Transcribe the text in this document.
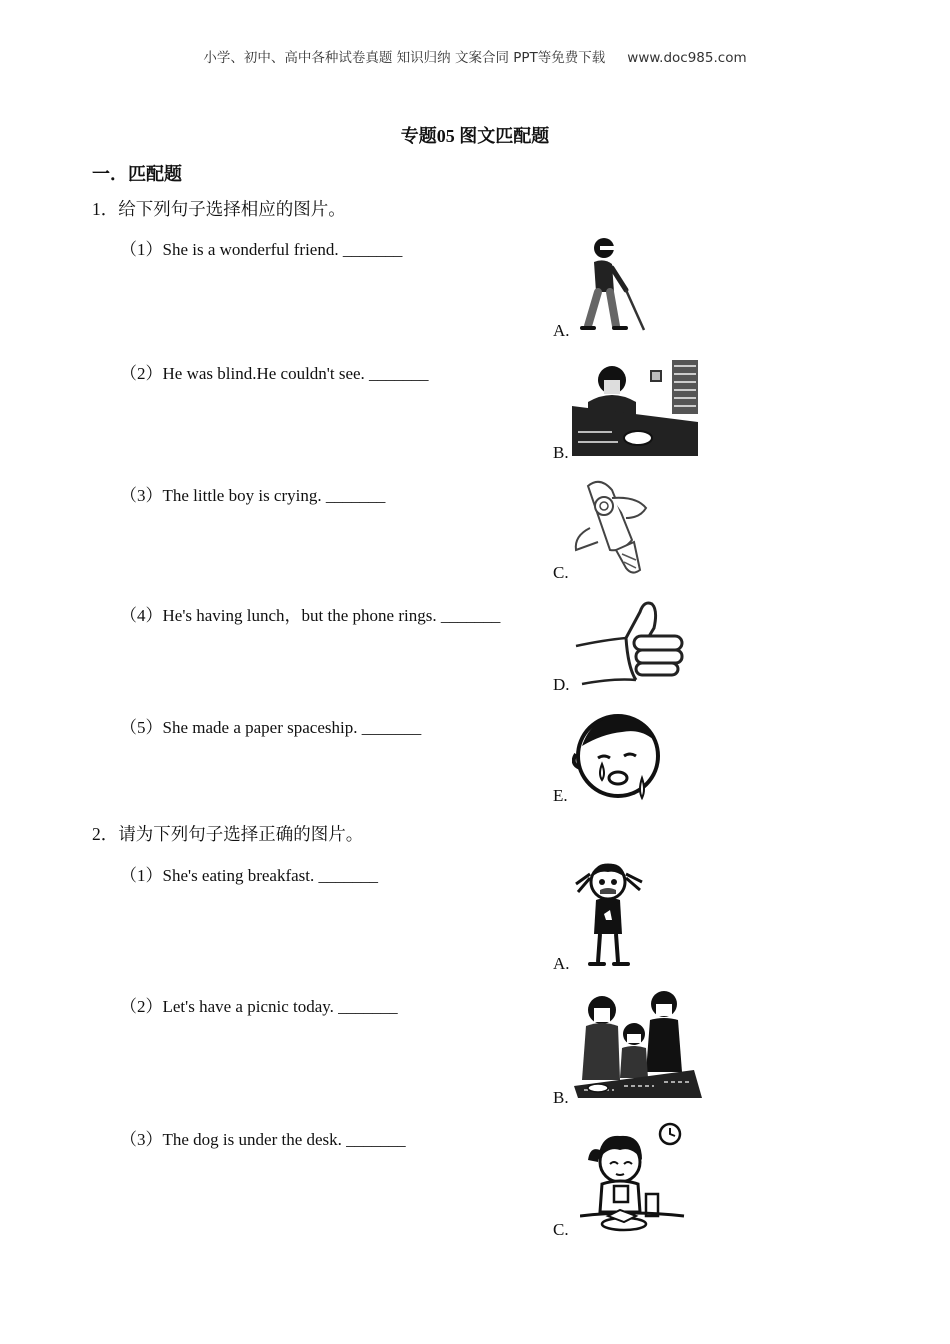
小学、初中、高中各种试卷真题 知识归纳 文案合同 PPT等免费下载 www.doc985.com
专题05 图文匹配题
一．匹配题
1．给下列句子选择相应的图片。
（1）She is a wonderful friend. _______
（2）He was blind.He couldn't see. _______
（3）The little boy is crying. _______
（4）He's having lunch，but the phone rings. _______
（5）She made a paper spaceship. _______
A.
B.
C.
D.
E.
2．请为下列句子选择正确的图片。
（1）She's eating breakfast. _______
（2）Let's have a picnic today. _______
（3）The dog is under the desk. _______
A.
B.
C.
